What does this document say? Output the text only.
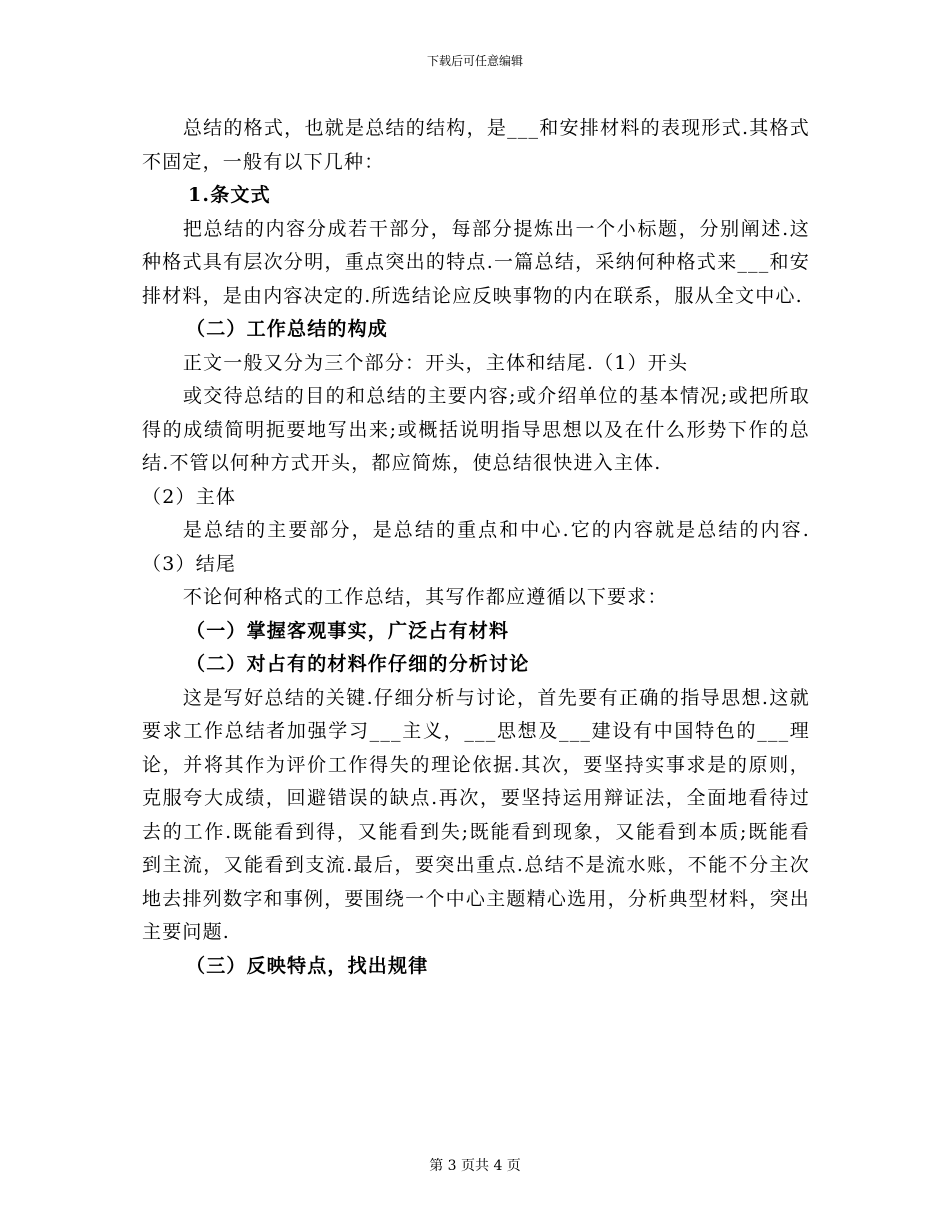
下载后可任意编辑

总结的格式，也就是总结的结构，是___和安排材料的表现形式.其格式不固定，一般有以下几种：

1.条文式

把总结的内容分成若干部分，每部分提炼出一个小标题，分别阐述.这种格式具有层次分明，重点突出的特点.一篇总结，采纳何种格式来___和安排材料，是由内容决定的.所选结论应反映事物的内在联系，服从全文中心.

（二）工作总结的构成

正文一般又分为三个部分：开头，主体和结尾.（1）开头

或交待总结的目的和总结的主要内容;或介绍单位的基本情况;或把所取得的成绩简明扼要地写出来;或概括说明指导思想以及在什么形势下作的总结.不管以何种方式开头，都应简炼，使总结很快进入主体.

（2）主体

是总结的主要部分，是总结的重点和中心.它的内容就是总结的内容.（3）结尾

不论何种格式的工作总结，其写作都应遵循以下要求：

（一）掌握客观事实，广泛占有材料

（二）对占有的材料作仔细的分析讨论

这是写好总结的关键.仔细分析与讨论，首先要有正确的指导思想.这就要求工作总结者加强学习___主义，___思想及___建设有中国特色的___理论，并将其作为评价工作得失的理论依据.其次，要坚持实事求是的原则，克服夸大成绩，回避错误的缺点.再次，要坚持运用辩证法，全面地看待过去的工作.既能看到得，又能看到失;既能看到现象，又能看到本质;既能看到主流，又能看到支流.最后，要突出重点.总结不是流水账，不能不分主次地去排列数字和事例，要围绕一个中心主题精心选用，分析典型材料，突出主要问题.

（三）反映特点，找出规律

第 3 页共 4 页
